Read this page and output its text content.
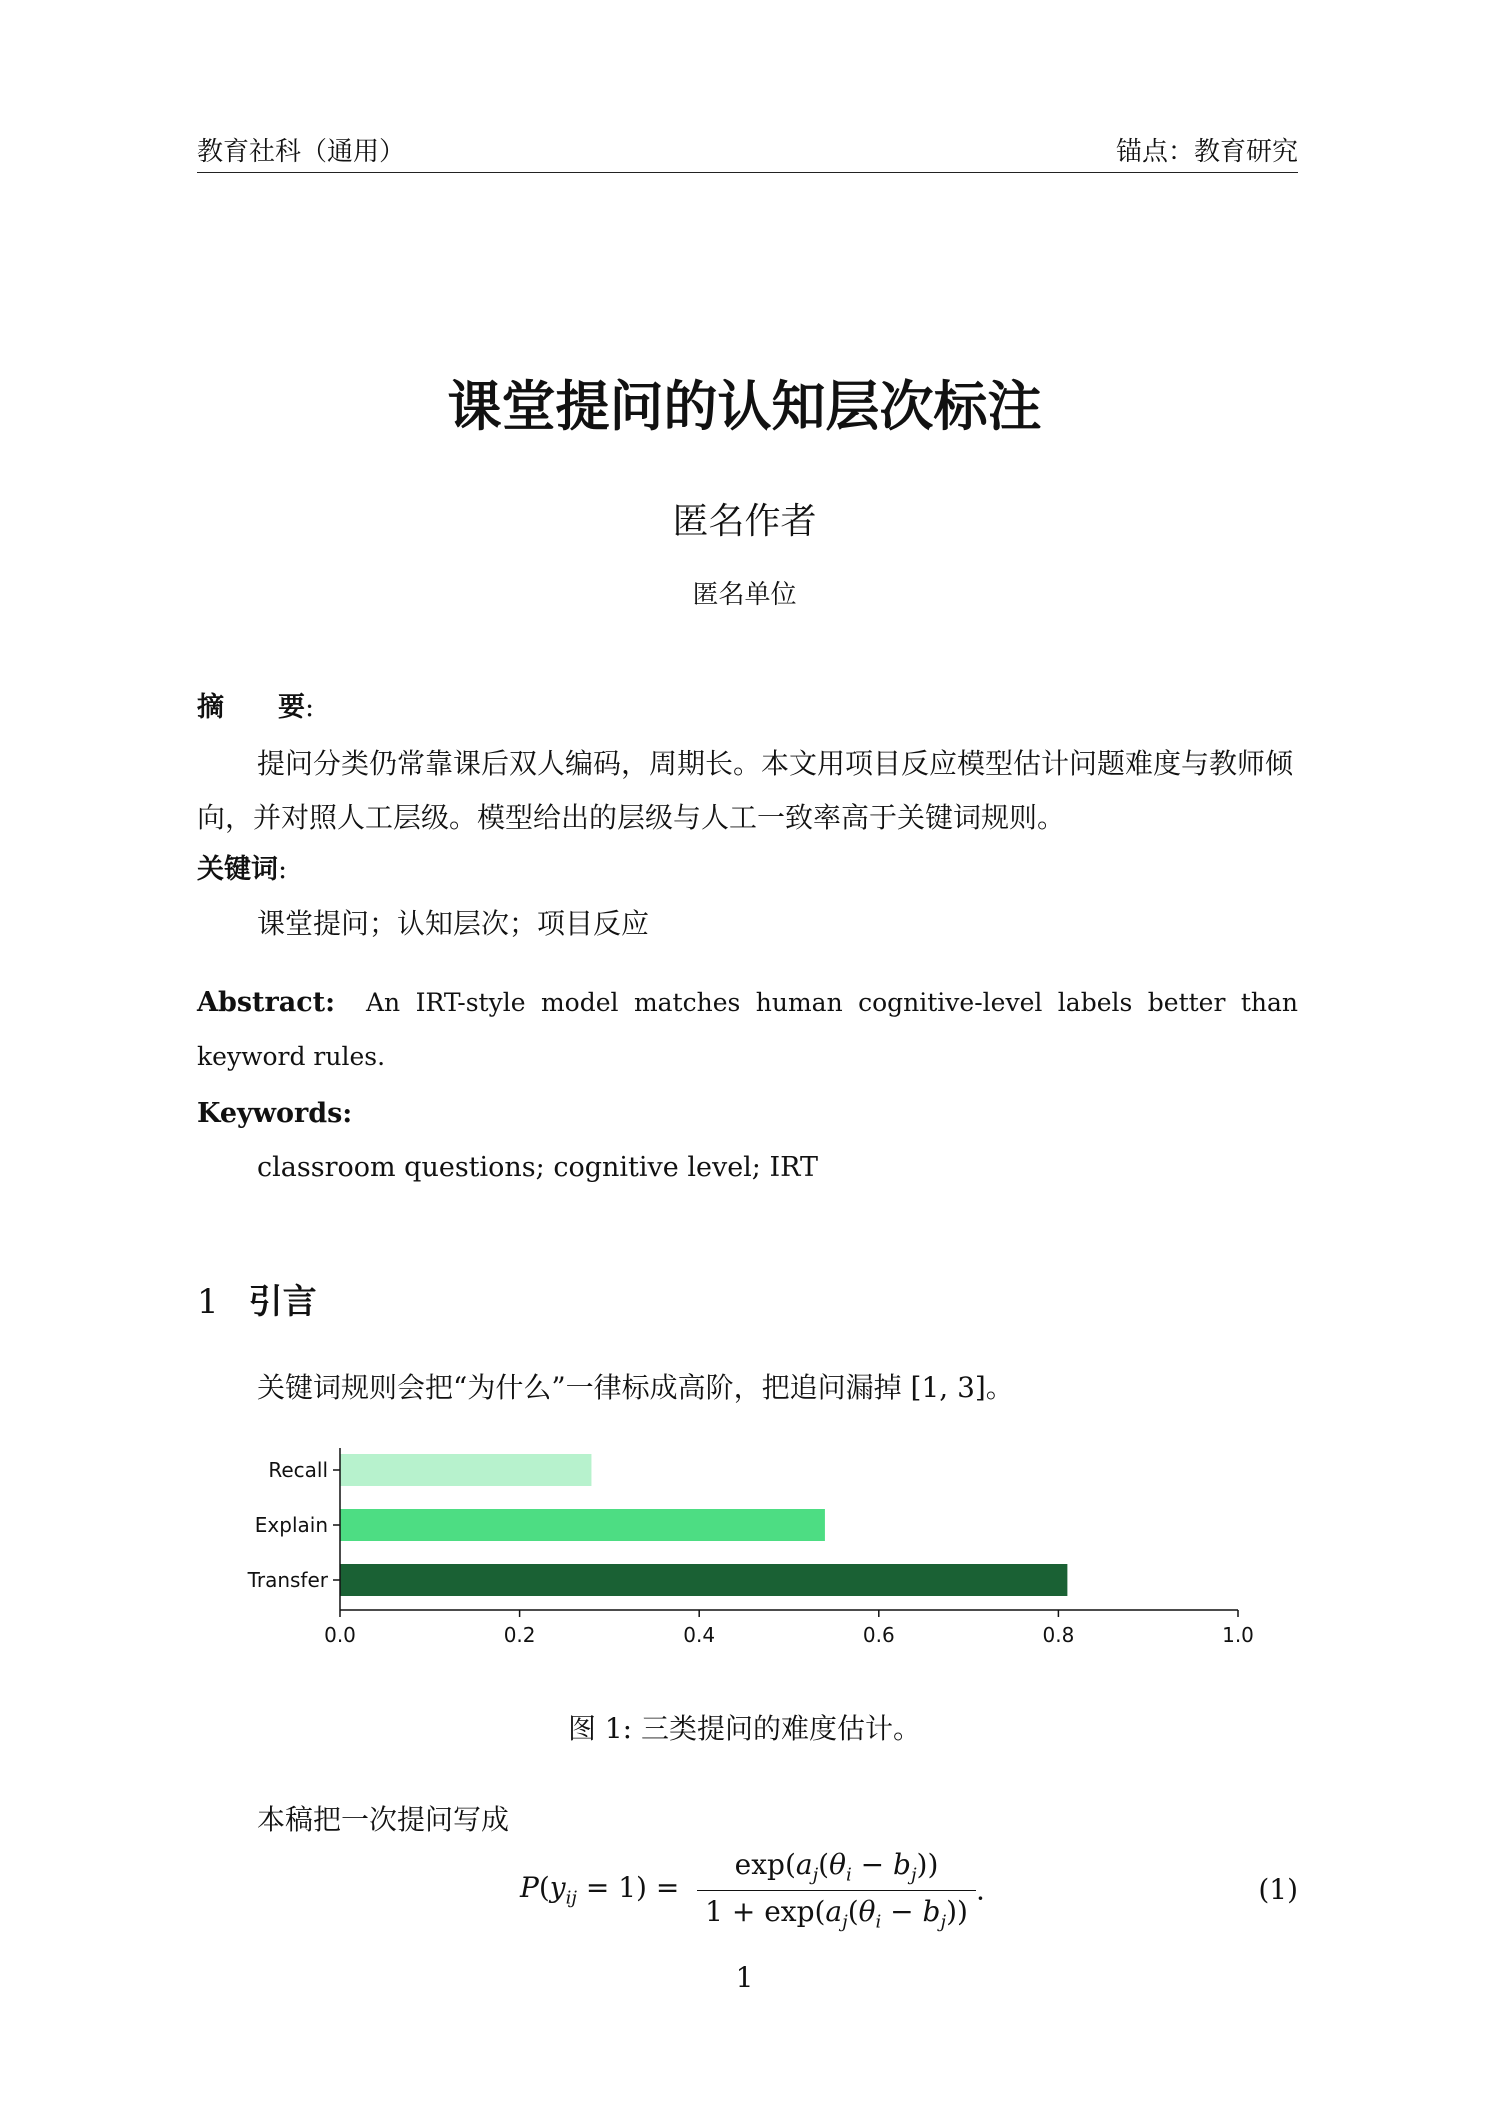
教育社科（通用）	锚点：教育研究
课堂提问的认知层次标注
匿名作者
匿名单位
摘　　要:
提问分类仍常靠课后双人编码，周期长。本文用项目反应模型估计问题难度与教师倾向，并对照人工层级。模型给出的层级与人工一致率高于关键词规则。
关键词:
课堂提问；认知层次；项目反应
Abstract: An IRT-style model matches human cognitive-level labels better than keyword rules.
Keywords:
classroom questions; cognitive level; IRT
1 引言
关键词规则会把“为什么”一律标成高阶，把追问漏掉 [1, 3]。
Recall
Explain
Transfer
0.0	0.2	0.4	0.6	0.8	1.0
图 1: 三类提问的难度估计。
本稿把一次提问写成
$P(y_{ij} = 1) = \frac{\exp(a_j(\theta_i - b_j))}{1 + \exp(a_j(\theta_i - b_j))}$ .	(1)
1
